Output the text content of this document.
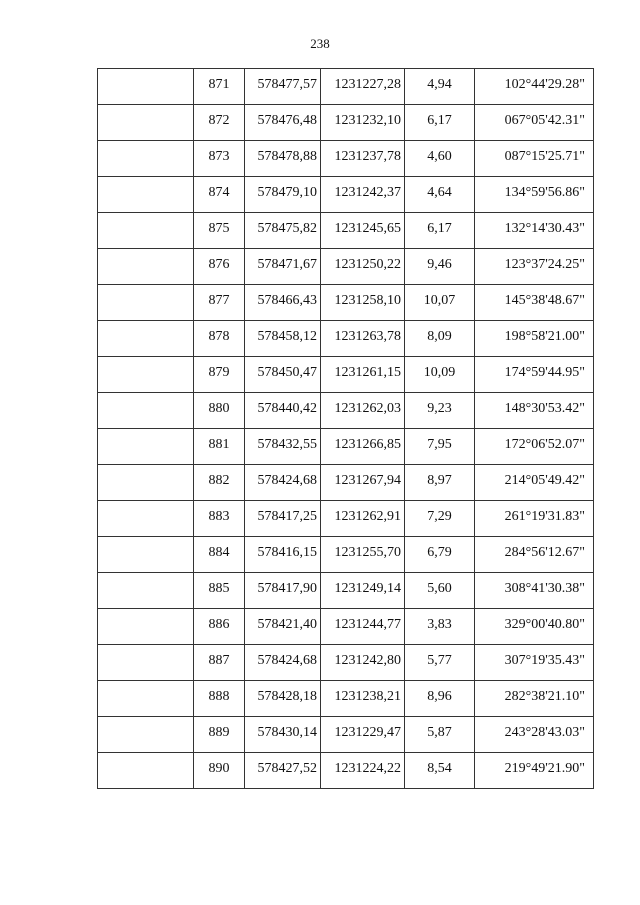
238
	871	578477,57	1231227,28	4,94	102°44'29.28"
	872	578476,48	1231232,10	6,17	067°05'42.31"
	873	578478,88	1231237,78	4,60	087°15'25.71"
	874	578479,10	1231242,37	4,64	134°59'56.86"
	875	578475,82	1231245,65	6,17	132°14'30.43"
	876	578471,67	1231250,22	9,46	123°37'24.25"
	877	578466,43	1231258,10	10,07	145°38'48.67"
	878	578458,12	1231263,78	8,09	198°58'21.00"
	879	578450,47	1231261,15	10,09	174°59'44.95"
	880	578440,42	1231262,03	9,23	148°30'53.42"
	881	578432,55	1231266,85	7,95	172°06'52.07"
	882	578424,68	1231267,94	8,97	214°05'49.42"
	883	578417,25	1231262,91	7,29	261°19'31.83"
	884	578416,15	1231255,70	6,79	284°56'12.67"
	885	578417,90	1231249,14	5,60	308°41'30.38"
	886	578421,40	1231244,77	3,83	329°00'40.80"
	887	578424,68	1231242,80	5,77	307°19'35.43"
	888	578428,18	1231238,21	8,96	282°38'21.10"
	889	578430,14	1231229,47	5,87	243°28'43.03"
	890	578427,52	1231224,22	8,54	219°49'21.90"
